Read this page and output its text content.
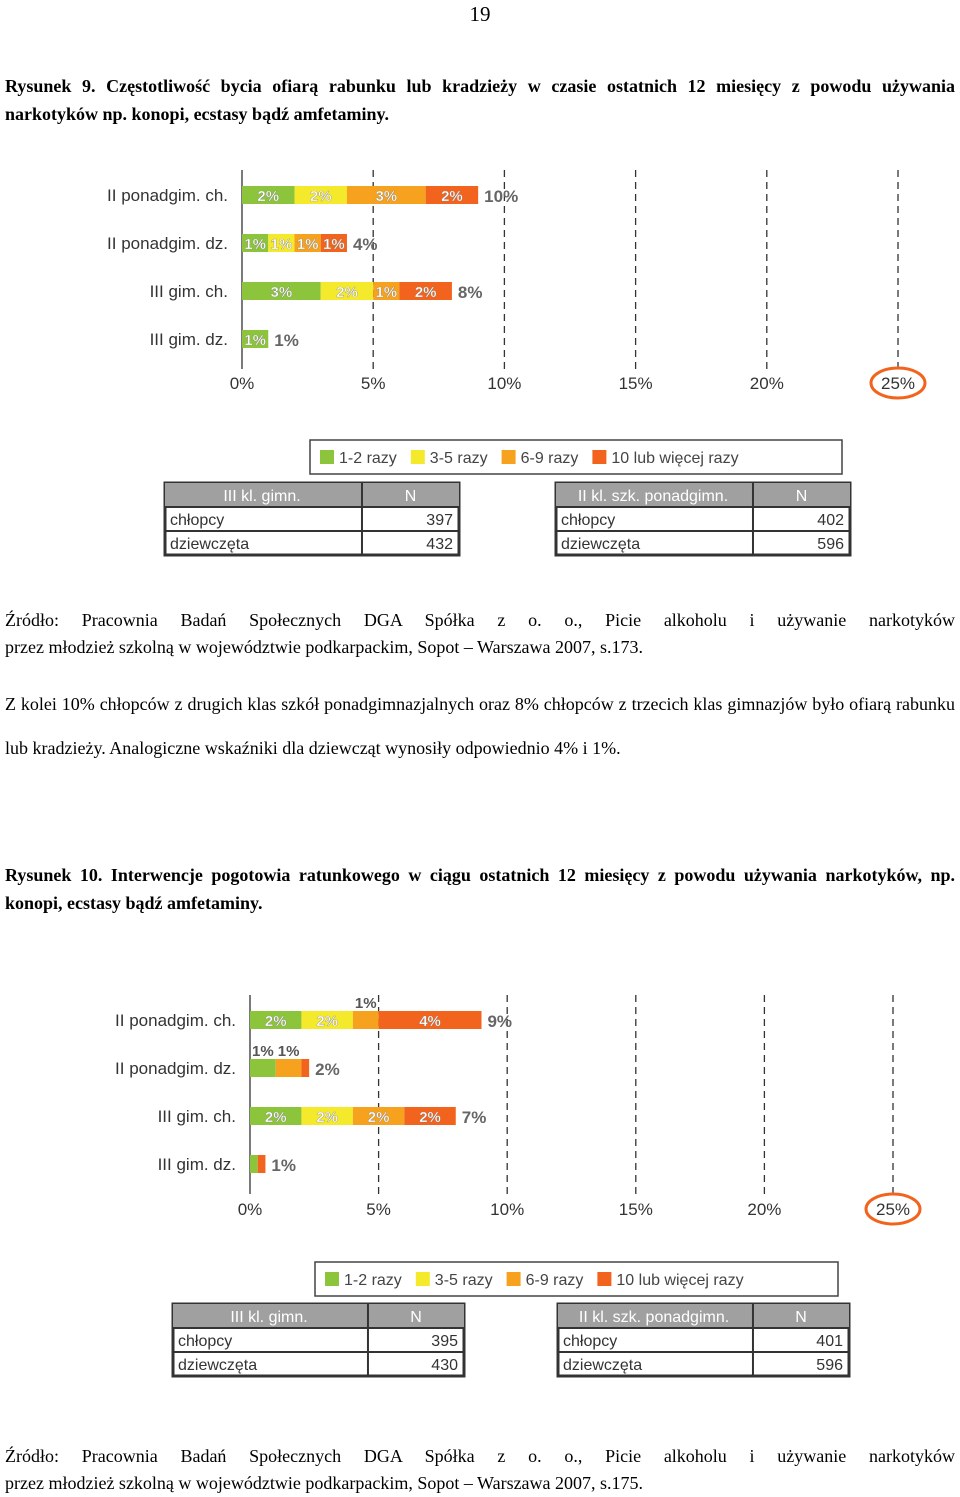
19
Rysunek 9. Częstotliwość bycia ofiarą rabunku lub kradzieży w czasie ostatnich 12 miesięcy z powodu używania narkotyków np. konopi, ecstasy bądź amfetaminy.
0%	5%	10%	15%	20%	25%
II ponadgim. ch. 2% 2%	3%	2% 10%
II ponadgim. dz. 1% 1% 1% 1% 4%
III gim. ch.	3%	2% 1% 2% 8%
III gim. dz. 1% 1%
1-2 razy 3-5 razy 6-9 razy 10 lub więcej razy
III kl. gimn.	N
chłopcy	397
dziewczęta	432
II kl. szk. ponadgimn.	N
chłopcy	402
dziewczęta	596
Źródło: Pracownia Badań Społecznych DGA Spółka z o. o., Picie alkoholu i używanie narkotyków
przez młodzież szkolną w województwie podkarpackim, Sopot – Warszawa 2007, s.173.
Z kolei 10% chłopców z drugich klas szkół ponadgimnazjalnych oraz 8% chłopców z trzecich klas gimnazjów było ofiarą rabunku lub kradzieży. Analogiczne wskaźniki dla dziewcząt wynosiły odpowiednio 4% i 1%.
Rysunek 10. Interwencje pogotowia ratunkowego w ciągu ostatnich 12 miesięcy z powodu używania narkotyków, np. konopi, ecstasy bądź amfetaminy.
0%	5%	10%	15%	20%	25%
II ponadgim. ch. 2% 2%
1%
4%	9%
II ponadgim. dz.
1% 1%
2%
III gim. ch. 2% 2% 2% 2% 7%
III gim. dz. 1%
1-2 razy 3-5 razy 6-9 razy 10 lub więcej razy
III kl. gimn.	N
chłopcy	395
dziewczęta	430
II kl. szk. ponadgimn.	N
chłopcy	401
dziewczęta	596
Źródło: Pracownia Badań Społecznych DGA Spółka z o. o., Picie alkoholu i używanie narkotyków
przez młodzież szkolną w województwie podkarpackim, Sopot – Warszawa 2007, s.175.
